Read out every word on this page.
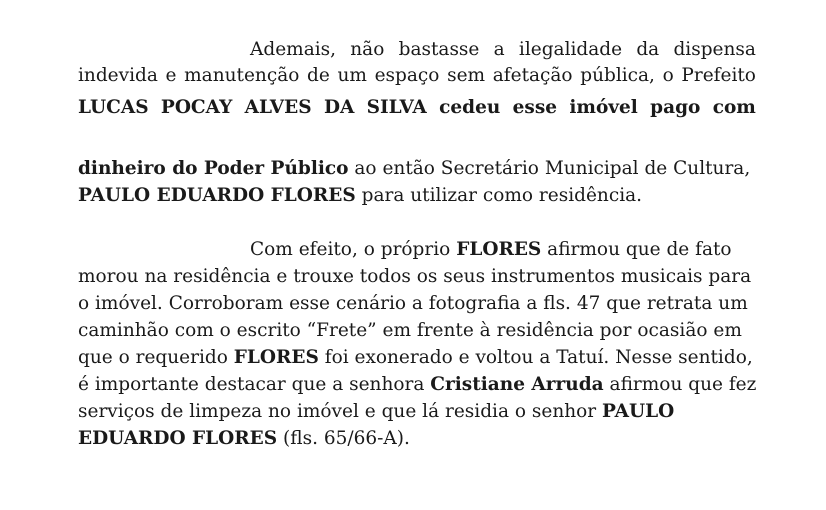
Ademais, não bastasse a ilegalidade da dispensa
indevida e manutenção de um espaço sem afetação pública, o Prefeito
LUCAS POCAY ALVES DA SILVA cedeu esse imóvel pago com
dinheiro do Poder Público ao então Secretário Municipal de Cultura,
PAULO EDUARDO FLORES para utilizar como residência.
Com efeito, o próprio FLORES afirmou que de fato
morou na residência e trouxe todos os seus instrumentos musicais para
o imóvel. Corroboram esse cenário a fotografia a fls. 47 que retrata um
caminhão com o escrito “Frete” em frente à residência por ocasião em
que o requerido FLORES foi exonerado e voltou a Tatuí. Nesse sentido,
é importante destacar que a senhora Cristiane Arruda afirmou que fez
serviços de limpeza no imóvel e que lá residia o senhor PAULO
EDUARDO FLORES (fls. 65/66-A).
